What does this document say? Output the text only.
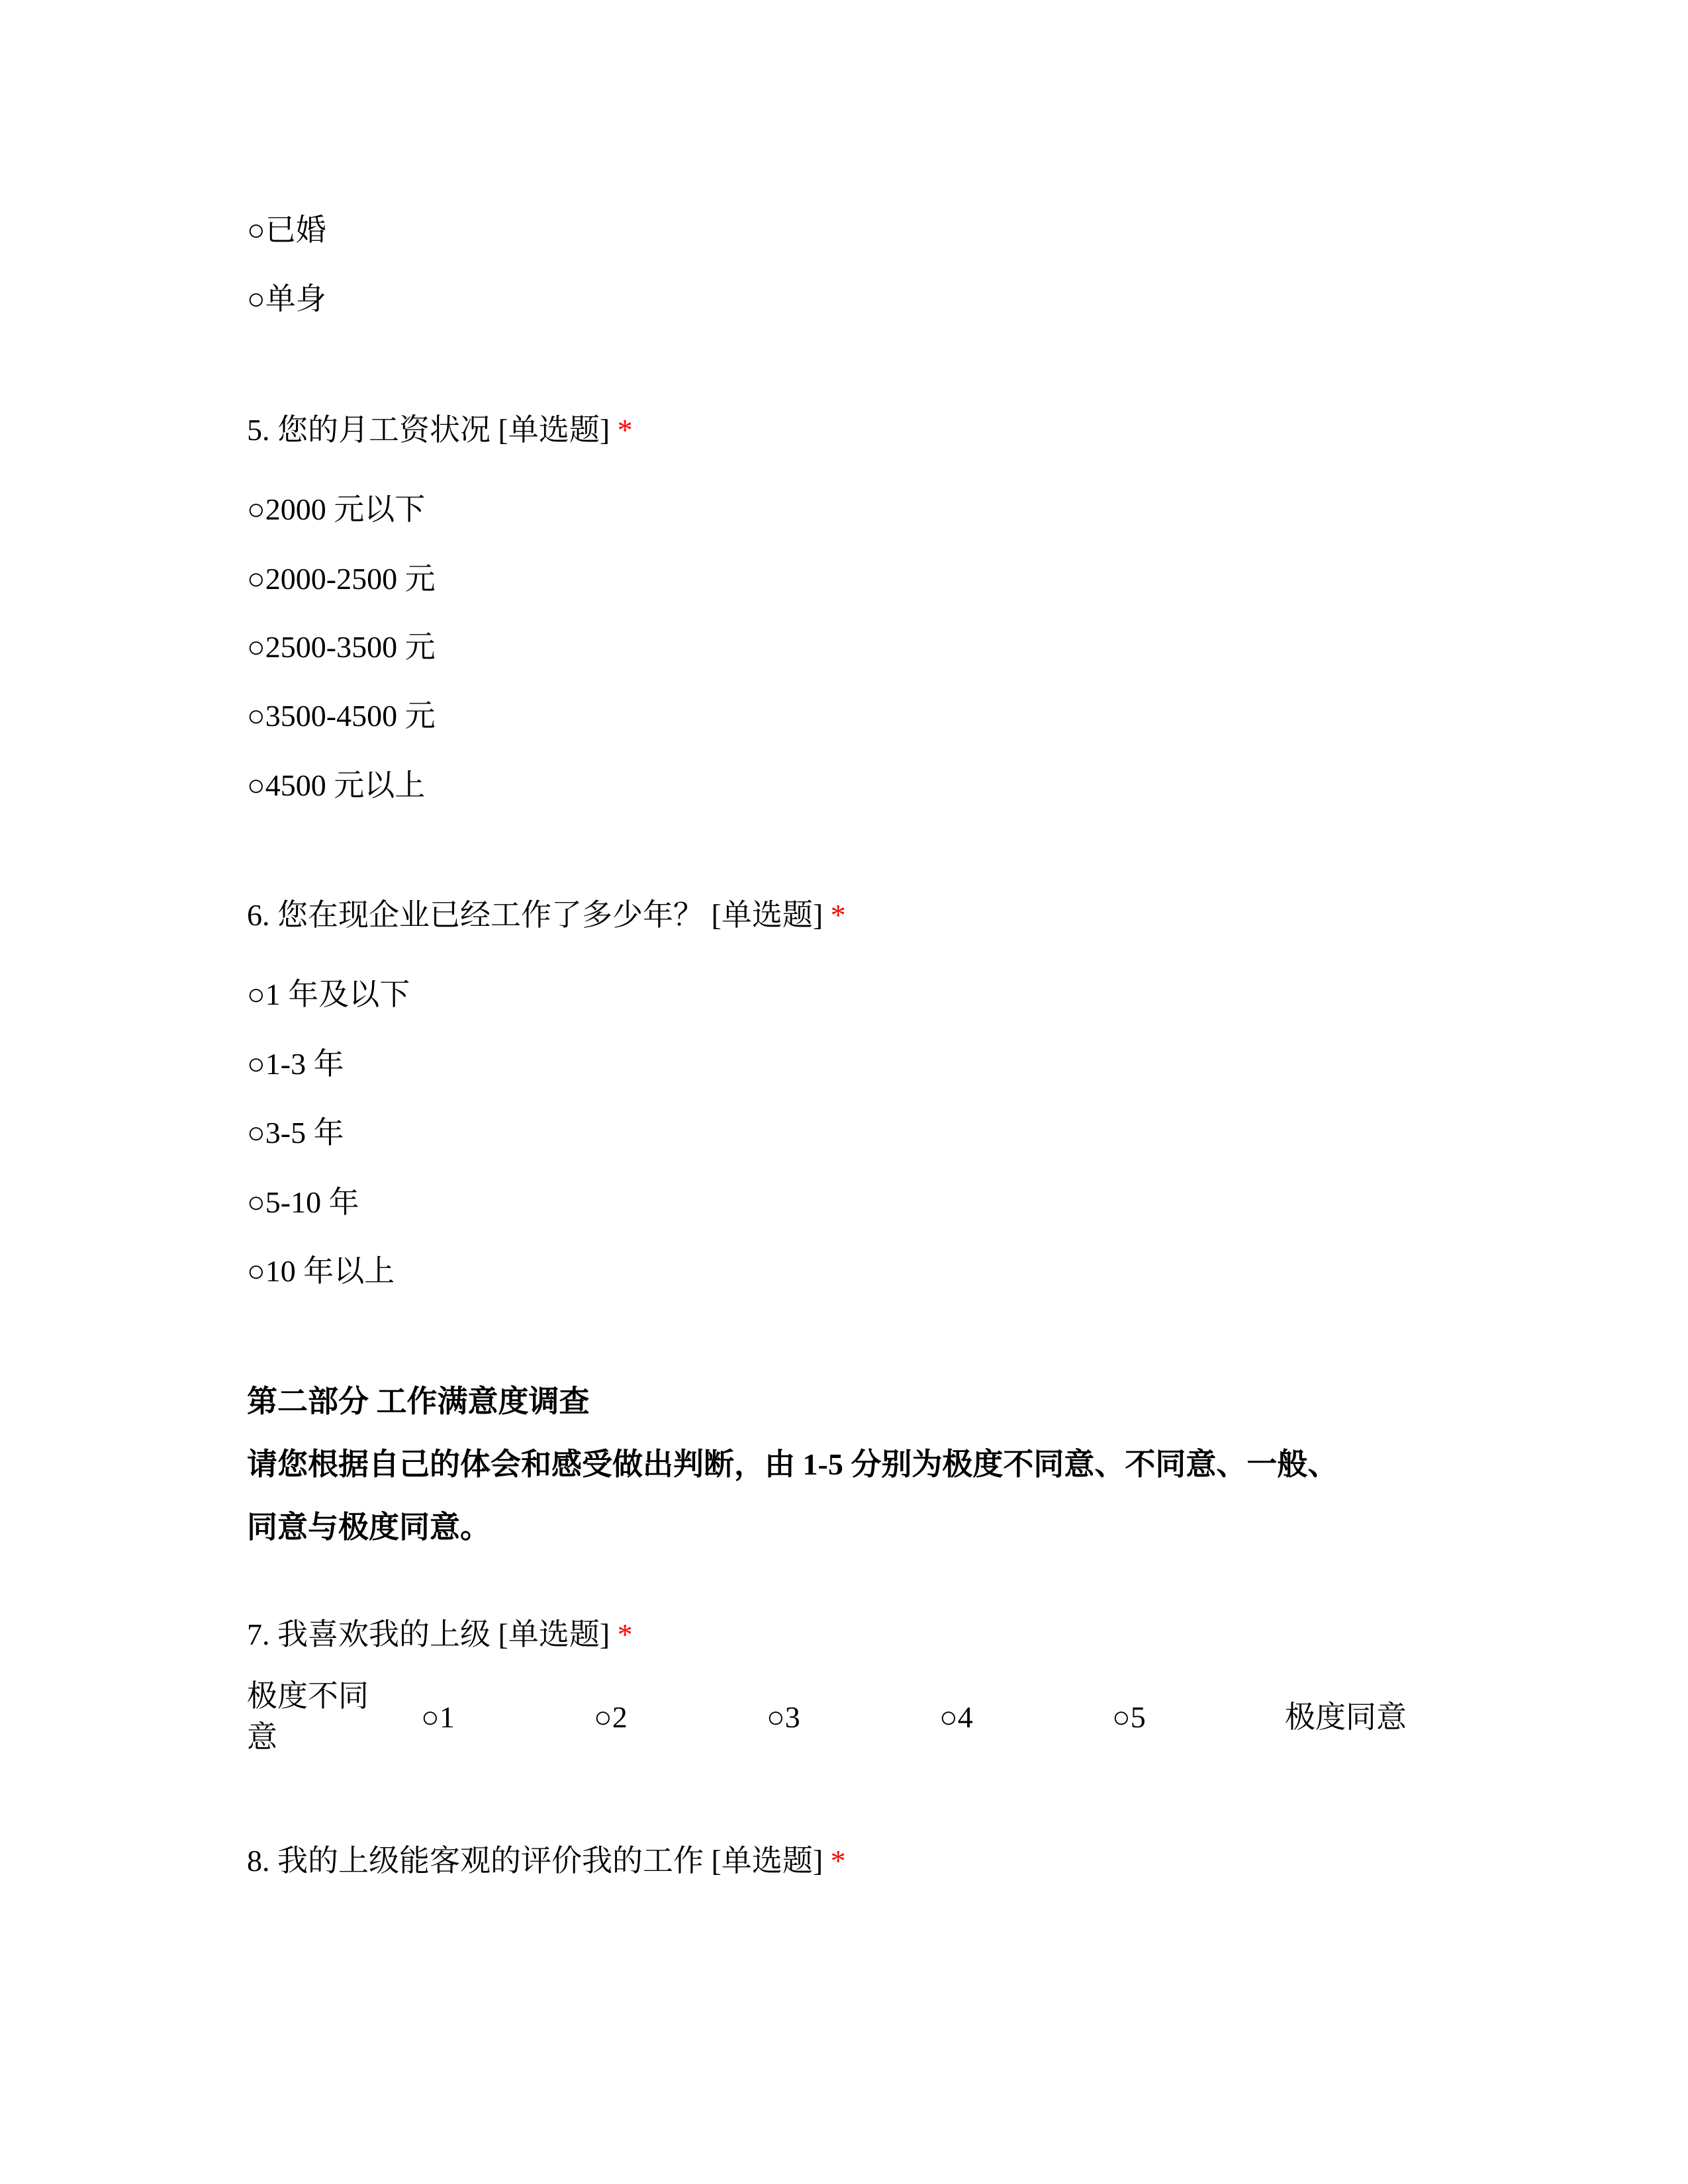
○已婚
○单身
5. 您的月工资状况 [单选题] *
○2000 元以下
○2000-2500 元
○2500-3500 元
○3500-4500 元
○4500 元以上
6. 您在现企业已经工作了多少年？ [单选题] *
○1 年及以下
○1-3 年
○3-5 年
○5-10 年
○10 年以上
第二部分 工作满意度调查
请您根据自己的体会和感受做出判断，由 1-5 分别为极度不同意、不同意、一般、
同意与极度同意。
7. 我喜欢我的上级 [单选题] *
极度不同意
○1	○2	○3	○4	○5	极度同意
8. 我的上级能客观的评价我的工作 [单选题] *
